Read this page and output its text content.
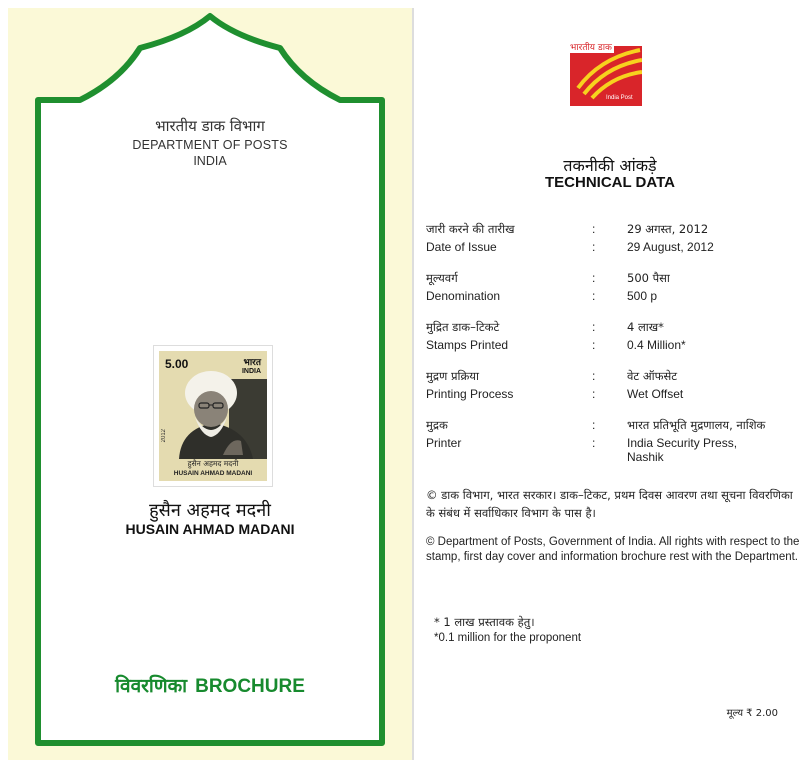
भारतीय डाक विभाग
DEPARTMENT OF POSTS
INDIA
5.00	भारत
INDIA
2012
हुसैन अहमद मदनी
HUSAIN AHMAD MADANI
हुसैन अहमद मदनी
HUSAIN AHMAD MADANI
विवरणिका BROCHURE
भारतीय डाक
India Post
तकनीकी आंकड़े
TECHNICAL DATA
जारी करने की तारीख
Date of Issue
:
:
29 अगस्त, 2012
29 August, 2012
मूल्यवर्ग
Denomination
:
:
500 पैसा
500 p
मुद्रित डाक–टिकटे
Stamps Printed
:
:
4 लाख*
0.4 Million*
मुद्रण प्रक्रिया
Printing Process
:
:
वेट ऑफसेट
Wet Offset
मुद्रक
Printer
:
:
भारत प्रतिभूति मुद्रणालय, नाशिक
India Security Press,
Nashik
© डाक विभाग, भारत सरकार। डाक–टिकट, प्रथम दिवस आवरण तथा सूचना विवरणिका के संबंध में सर्वाधिकार विभाग के पास है।
© Department of Posts, Government of India. All rights with respect to the stamp, first day cover and information brochure rest with the Department.
* 1 लाख प्रस्तावक हेतु।
*0.1 million for the proponent
मूल्य ₹ 2.00
